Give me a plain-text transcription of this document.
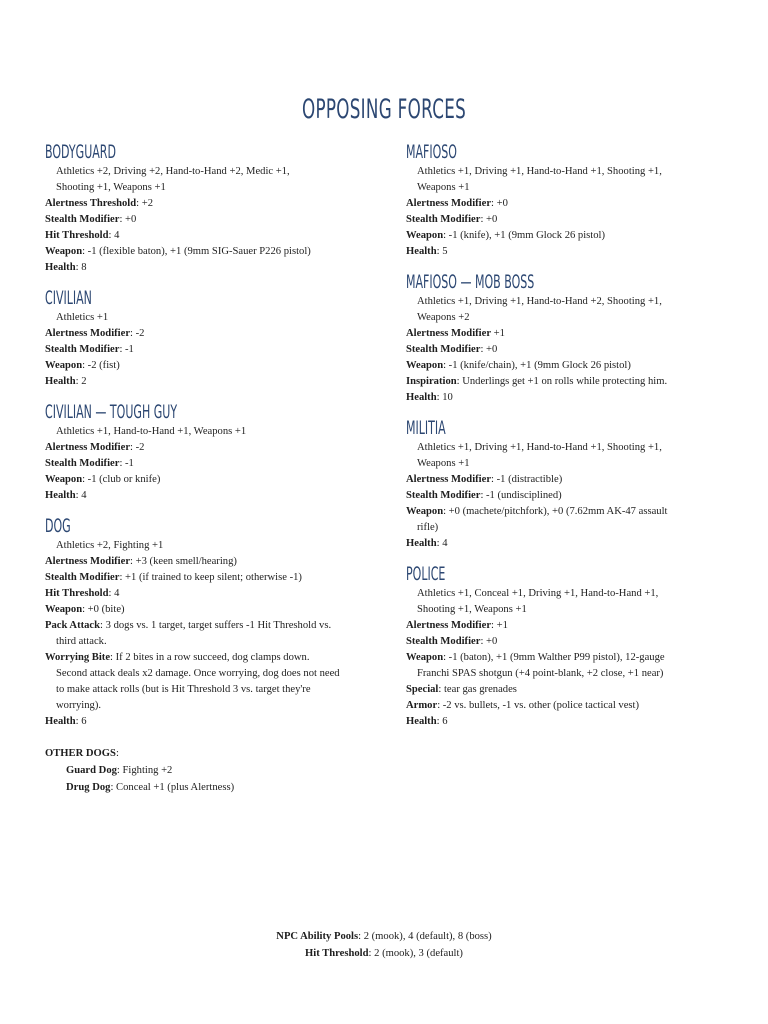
OPPOSING FORCES
BODYGUARD
Athletics +2, Driving +2, Hand-to-Hand +2, Medic +1,
Shooting +1, Weapons +1
Alertness Threshold: +2
Stealth Modifier: +0
Hit Threshold: 4
Weapon: -1 (flexible baton), +1 (9mm SIG-Sauer P226 pistol)
Health: 8
CIVILIAN
Athletics +1
Alertness Modifier: -2
Stealth Modifier: -1
Weapon: -2 (fist)
Health: 2
CIVILIAN — TOUGH GUY
Athletics +1, Hand-to-Hand +1, Weapons +1
Alertness Modifier: -2
Stealth Modifier: -1
Weapon: -1 (club or knife)
Health: 4
DOG
Athletics +2, Fighting +1
Alertness Modifier: +3 (keen smell/hearing)
Stealth Modifier: +1 (if trained to keep silent; otherwise -1)
Hit Threshold: 4
Weapon: +0 (bite)
Pack Attack: 3 dogs vs. 1 target, target suffers -1 Hit Threshold vs.
third attack.
Worrying Bite: If 2 bites in a row succeed, dog clamps down.
Second attack deals x2 damage. Once worrying, dog does not need
to make attack rolls (but is Hit Threshold 3 vs. target they're
worrying).
Health: 6
OTHER DOGS:
Guard Dog: Fighting +2
Drug Dog: Conceal +1 (plus Alertness)
MAFIOSO
Athletics +1, Driving +1, Hand-to-Hand +1, Shooting +1,
Weapons +1
Alertness Modifier: +0
Stealth Modifier: +0
Weapon: -1 (knife), +1 (9mm Glock 26 pistol)
Health: 5
MAFIOSO — MOB BOSS
Athletics +1, Driving +1, Hand-to-Hand +2, Shooting +1,
Weapons +2
Alertness Modifier +1
Stealth Modifier: +0
Weapon: -1 (knife/chain), +1 (9mm Glock 26 pistol)
Inspiration: Underlings get +1 on rolls while protecting him.
Health: 10
MILITIA
Athletics +1, Driving +1, Hand-to-Hand +1, Shooting +1,
Weapons +1
Alertness Modifier: -1 (distractible)
Stealth Modifier: -1 (undisciplined)
Weapon: +0 (machete/pitchfork), +0 (7.62mm AK-47 assault
rifle)
Health: 4
POLICE
Athletics +1, Conceal +1, Driving +1, Hand-to-Hand +1,
Shooting +1, Weapons +1
Alertness Modifier: +1
Stealth Modifier: +0
Weapon: -1 (baton), +1 (9mm Walther P99 pistol), 12-gauge
Franchi SPAS shotgun (+4 point-blank, +2 close, +1 near)
Special: tear gas grenades
Armor: -2 vs. bullets, -1 vs. other (police tactical vest)
Health: 6
NPC Ability Pools: 2 (mook), 4 (default), 8 (boss)
Hit Threshold: 2 (mook), 3 (default)
